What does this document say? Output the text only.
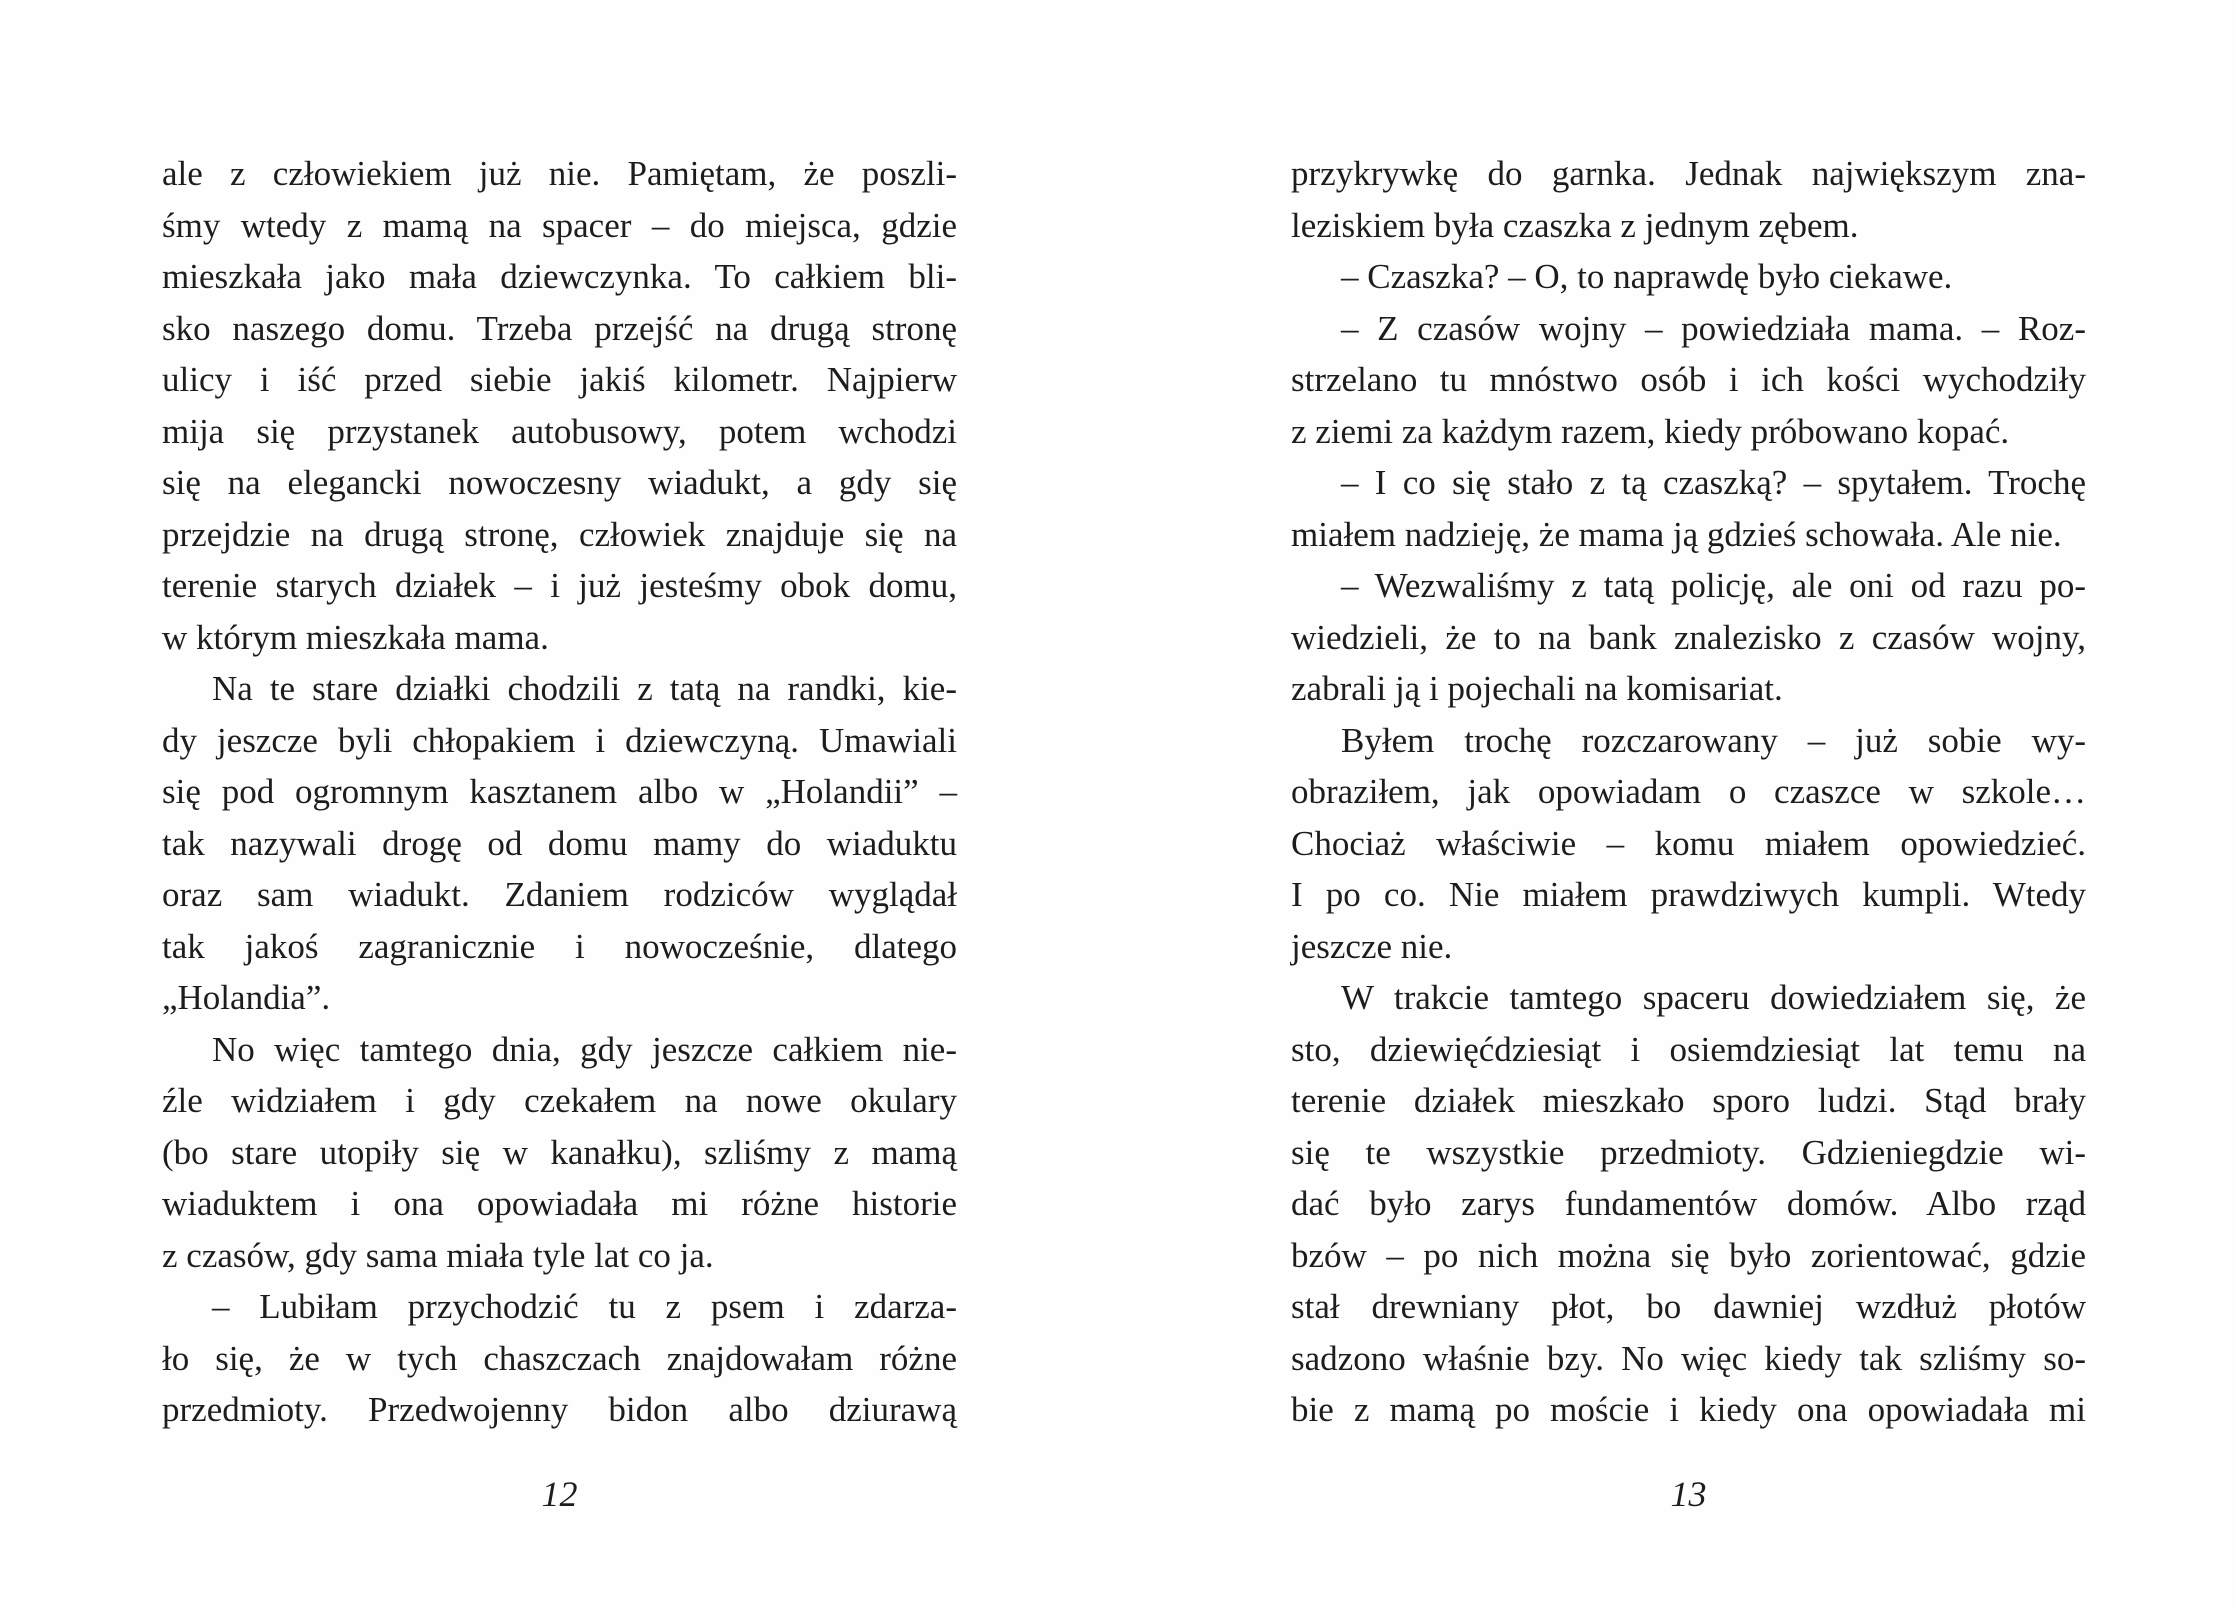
ale z człowiekiem już nie. Pamiętam, że poszli-
śmy wtedy z mamą na spacer – do miejsca, gdzie
mieszkała jako mała dziewczynka. To całkiem bli-
sko naszego domu. Trzeba przejść na drugą stronę
ulicy i iść przed siebie jakiś kilometr. Najpierw
mija się przystanek autobusowy, potem wchodzi
się na elegancki nowoczesny wiadukt, a gdy się
przejdzie na drugą stronę, człowiek znajduje się na
terenie starych działek – i już jesteśmy obok domu,
w którym mieszkała mama.
Na te stare działki chodzili z tatą na randki, kie-
dy jeszcze byli chłopakiem i dziewczyną. Umawiali
się pod ogromnym kasztanem albo w „Holandii” –
tak nazywali drogę od domu mamy do wiaduktu
oraz sam wiadukt. Zdaniem rodziców wyglądał
tak jakoś zagranicznie i nowocześnie, dlatego
„Holandia”.
No więc tamtego dnia, gdy jeszcze całkiem nie-
źle widziałem i gdy czekałem na nowe okulary
(bo stare utopiły się w kanałku), szliśmy z mamą
wiaduktem i ona opowiadała mi różne historie
z czasów, gdy sama miała tyle lat co ja.
– Lubiłam przychodzić tu z psem i zdarza-
ło się, że w tych chaszczach znajdowałam różne
przedmioty. Przedwojenny bidon albo dziurawą
12
przykrywkę do garnka. Jednak największym zna-
leziskiem była czaszka z jednym zębem.
– Czaszka? – O, to naprawdę było ciekawe.
– Z czasów wojny – powiedziała mama. – Roz-
strzelano tu mnóstwo osób i ich kości wychodziły
z ziemi za każdym razem, kiedy próbowano kopać.
– I co się stało z tą czaszką? – spytałem. Trochę
miałem nadzieję, że mama ją gdzieś schowała. Ale nie.
– Wezwaliśmy z tatą policję, ale oni od razu po-
wiedzieli, że to na bank znalezisko z czasów wojny,
zabrali ją i pojechali na komisariat.
Byłem trochę rozczarowany – już sobie wy-
obraziłem, jak opowiadam o czaszce w szkole…
Chociaż właściwie – komu miałem opowiedzieć.
I po co. Nie miałem prawdziwych kumpli. Wtedy
jeszcze nie.
W trakcie tamtego spaceru dowiedziałem się, że
sto, dziewięćdziesiąt i osiemdziesiąt lat temu na
terenie działek mieszkało sporo ludzi. Stąd brały
się te wszystkie przedmioty. Gdzieniegdzie wi-
dać było zarys fundamentów domów. Albo rząd
bzów – po nich można się było zorientować, gdzie
stał drewniany płot, bo dawniej wzdłuż płotów
sadzono właśnie bzy. No więc kiedy tak szliśmy so-
bie z mamą po moście i kiedy ona opowiadała mi
13
